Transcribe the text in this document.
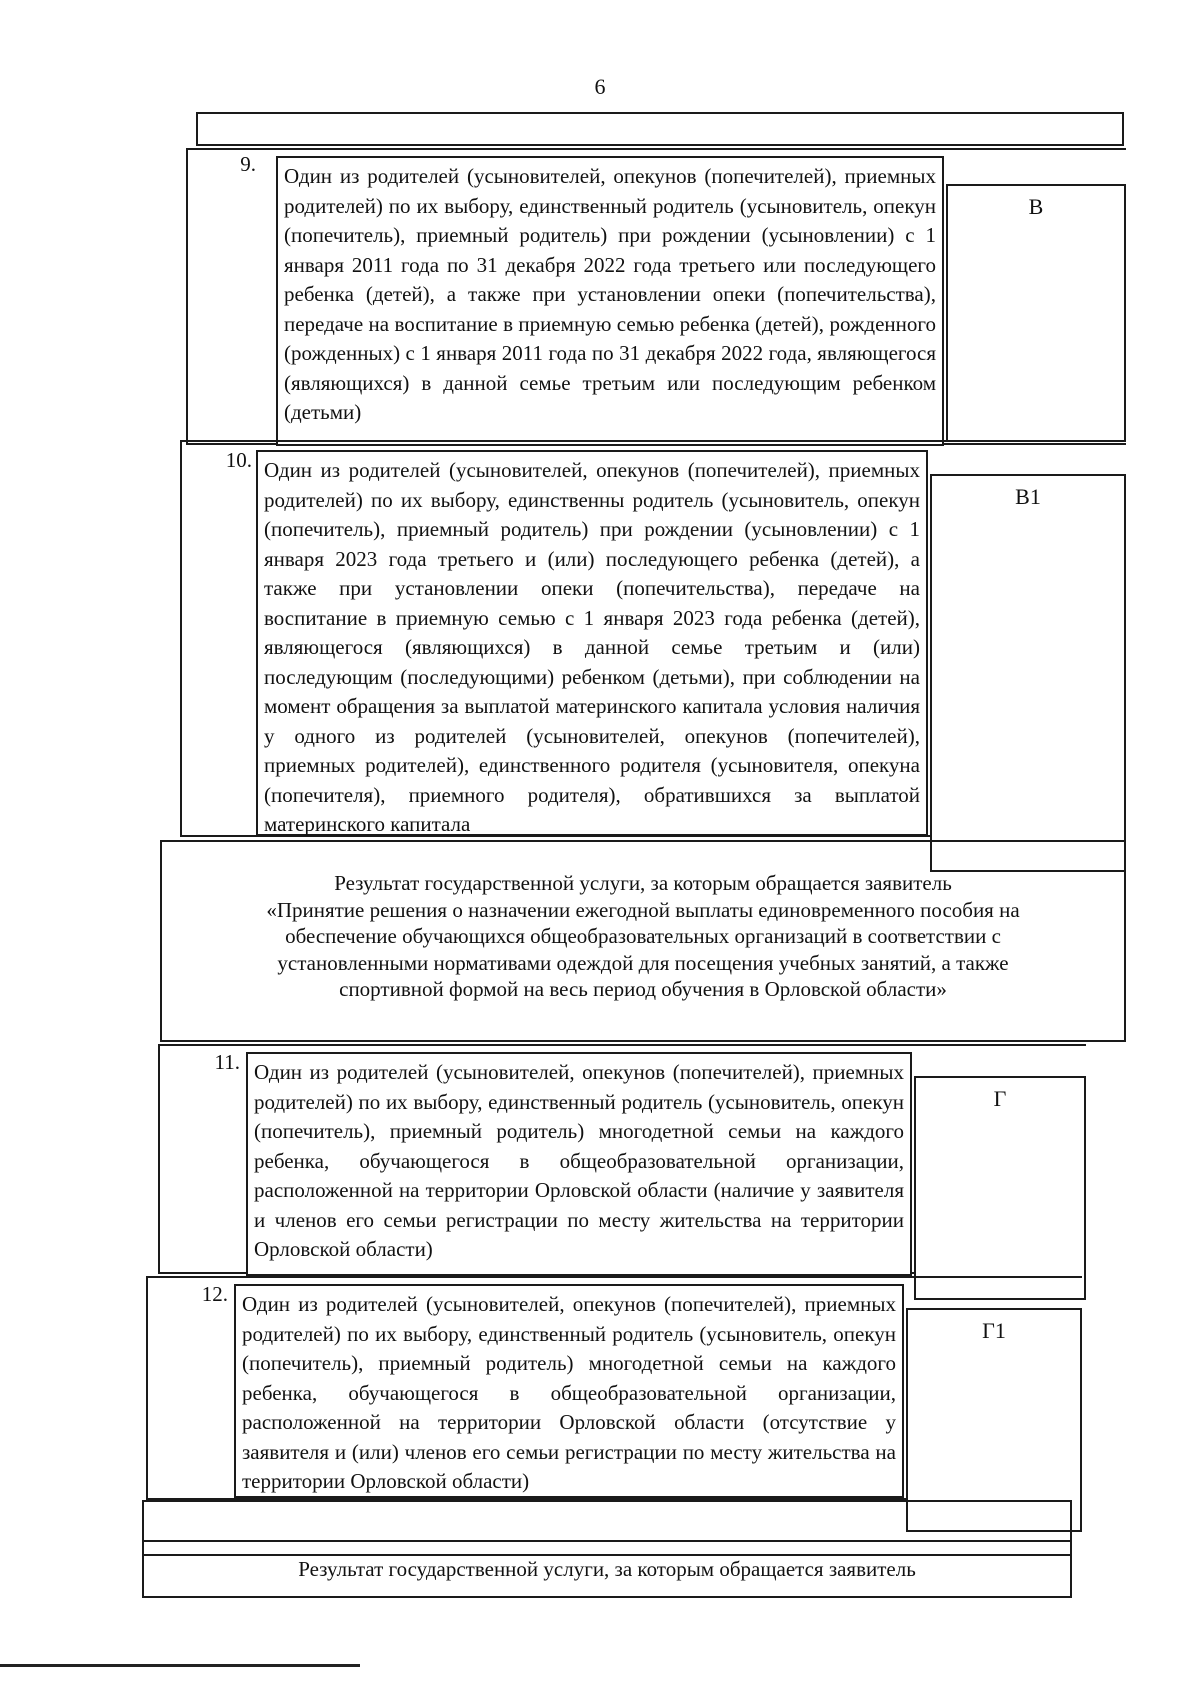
6
9.	Один из родителей (усыновителей, опекунов (попечителей), приемных родителей) по их выбору, единственный родитель (усыновитель, опекун (попечитель), приемный родитель) при рождении (усыновлении) с 1 января 2011 года по 31 декабря 2022 года третьего или последующего ребенка (детей), а также при установлении опеки (попечительства), передаче на воспитание в приемную семью ребенка (детей), рожденного (рожденных) с 1 января 2011 года по 31 декабря 2022 года, являющегося (являющихся) в данной семье третьим или последующим ребенком (детьми)
В
10. Один из родителей (усыновителей, опекунов (попечителей), приемных родителей) по их выбору, единственны родитель (усыновитель, опекун (попечитель), приемный родитель) при рождении (усыновлении) с 1 января 2023 года третьего и (или) последующего ребенка (детей), а также при установлении опеки (попечительства), передаче на воспитание в приемную семью с 1 января 2023 года ребенка (детей), являющегося (являющихся) в данной семье третьим и (или) последующим (последующими) ребенком (детьми), при соблюдении на момент обращения за выплатой материнского капитала условия наличия у одного из родителей (усыновителей, опекунов (попечителей), приемных родителей), единственного родителя (усыновителя, опекуна (попечителя), приемного родителя), обратившихся за выплатой материнского капитала
В1
Результат государственной услуги, за которым обращается заявитель
«Принятие решения о назначении ежегодной выплаты единовременного пособия на
обеспечение обучающихся общеобразовательных организаций в соответствии с
установленными нормативами одеждой для посещения учебных занятий, а также
спортивной формой на весь период обучения в Орловской области»
11. Один из родителей (усыновителей, опекунов (попечителей), приемных родителей) по их выбору, единственный родитель (усыновитель, опекун (попечитель), приемный родитель) многодетной семьи на каждого ребенка, обучающегося в общеобразовательной организации, расположенной на территории Орловской области (наличие у заявителя и членов его семьи регистрации по месту жительства на территории Орловской области)
Г
12. Один из родителей (усыновителей, опекунов (попечителей), приемных родителей) по их выбору, единственный родитель (усыновитель, опекун (попечитель), приемный родитель) многодетной семьи на каждого ребенка, обучающегося в общеобразовательной организации, расположенной на территории Орловской области (отсутствие у заявителя и (или) членов его семьи регистрации по месту жительства на территории Орловской области)
Г1
Результат государственной услуги, за которым обращается заявитель
